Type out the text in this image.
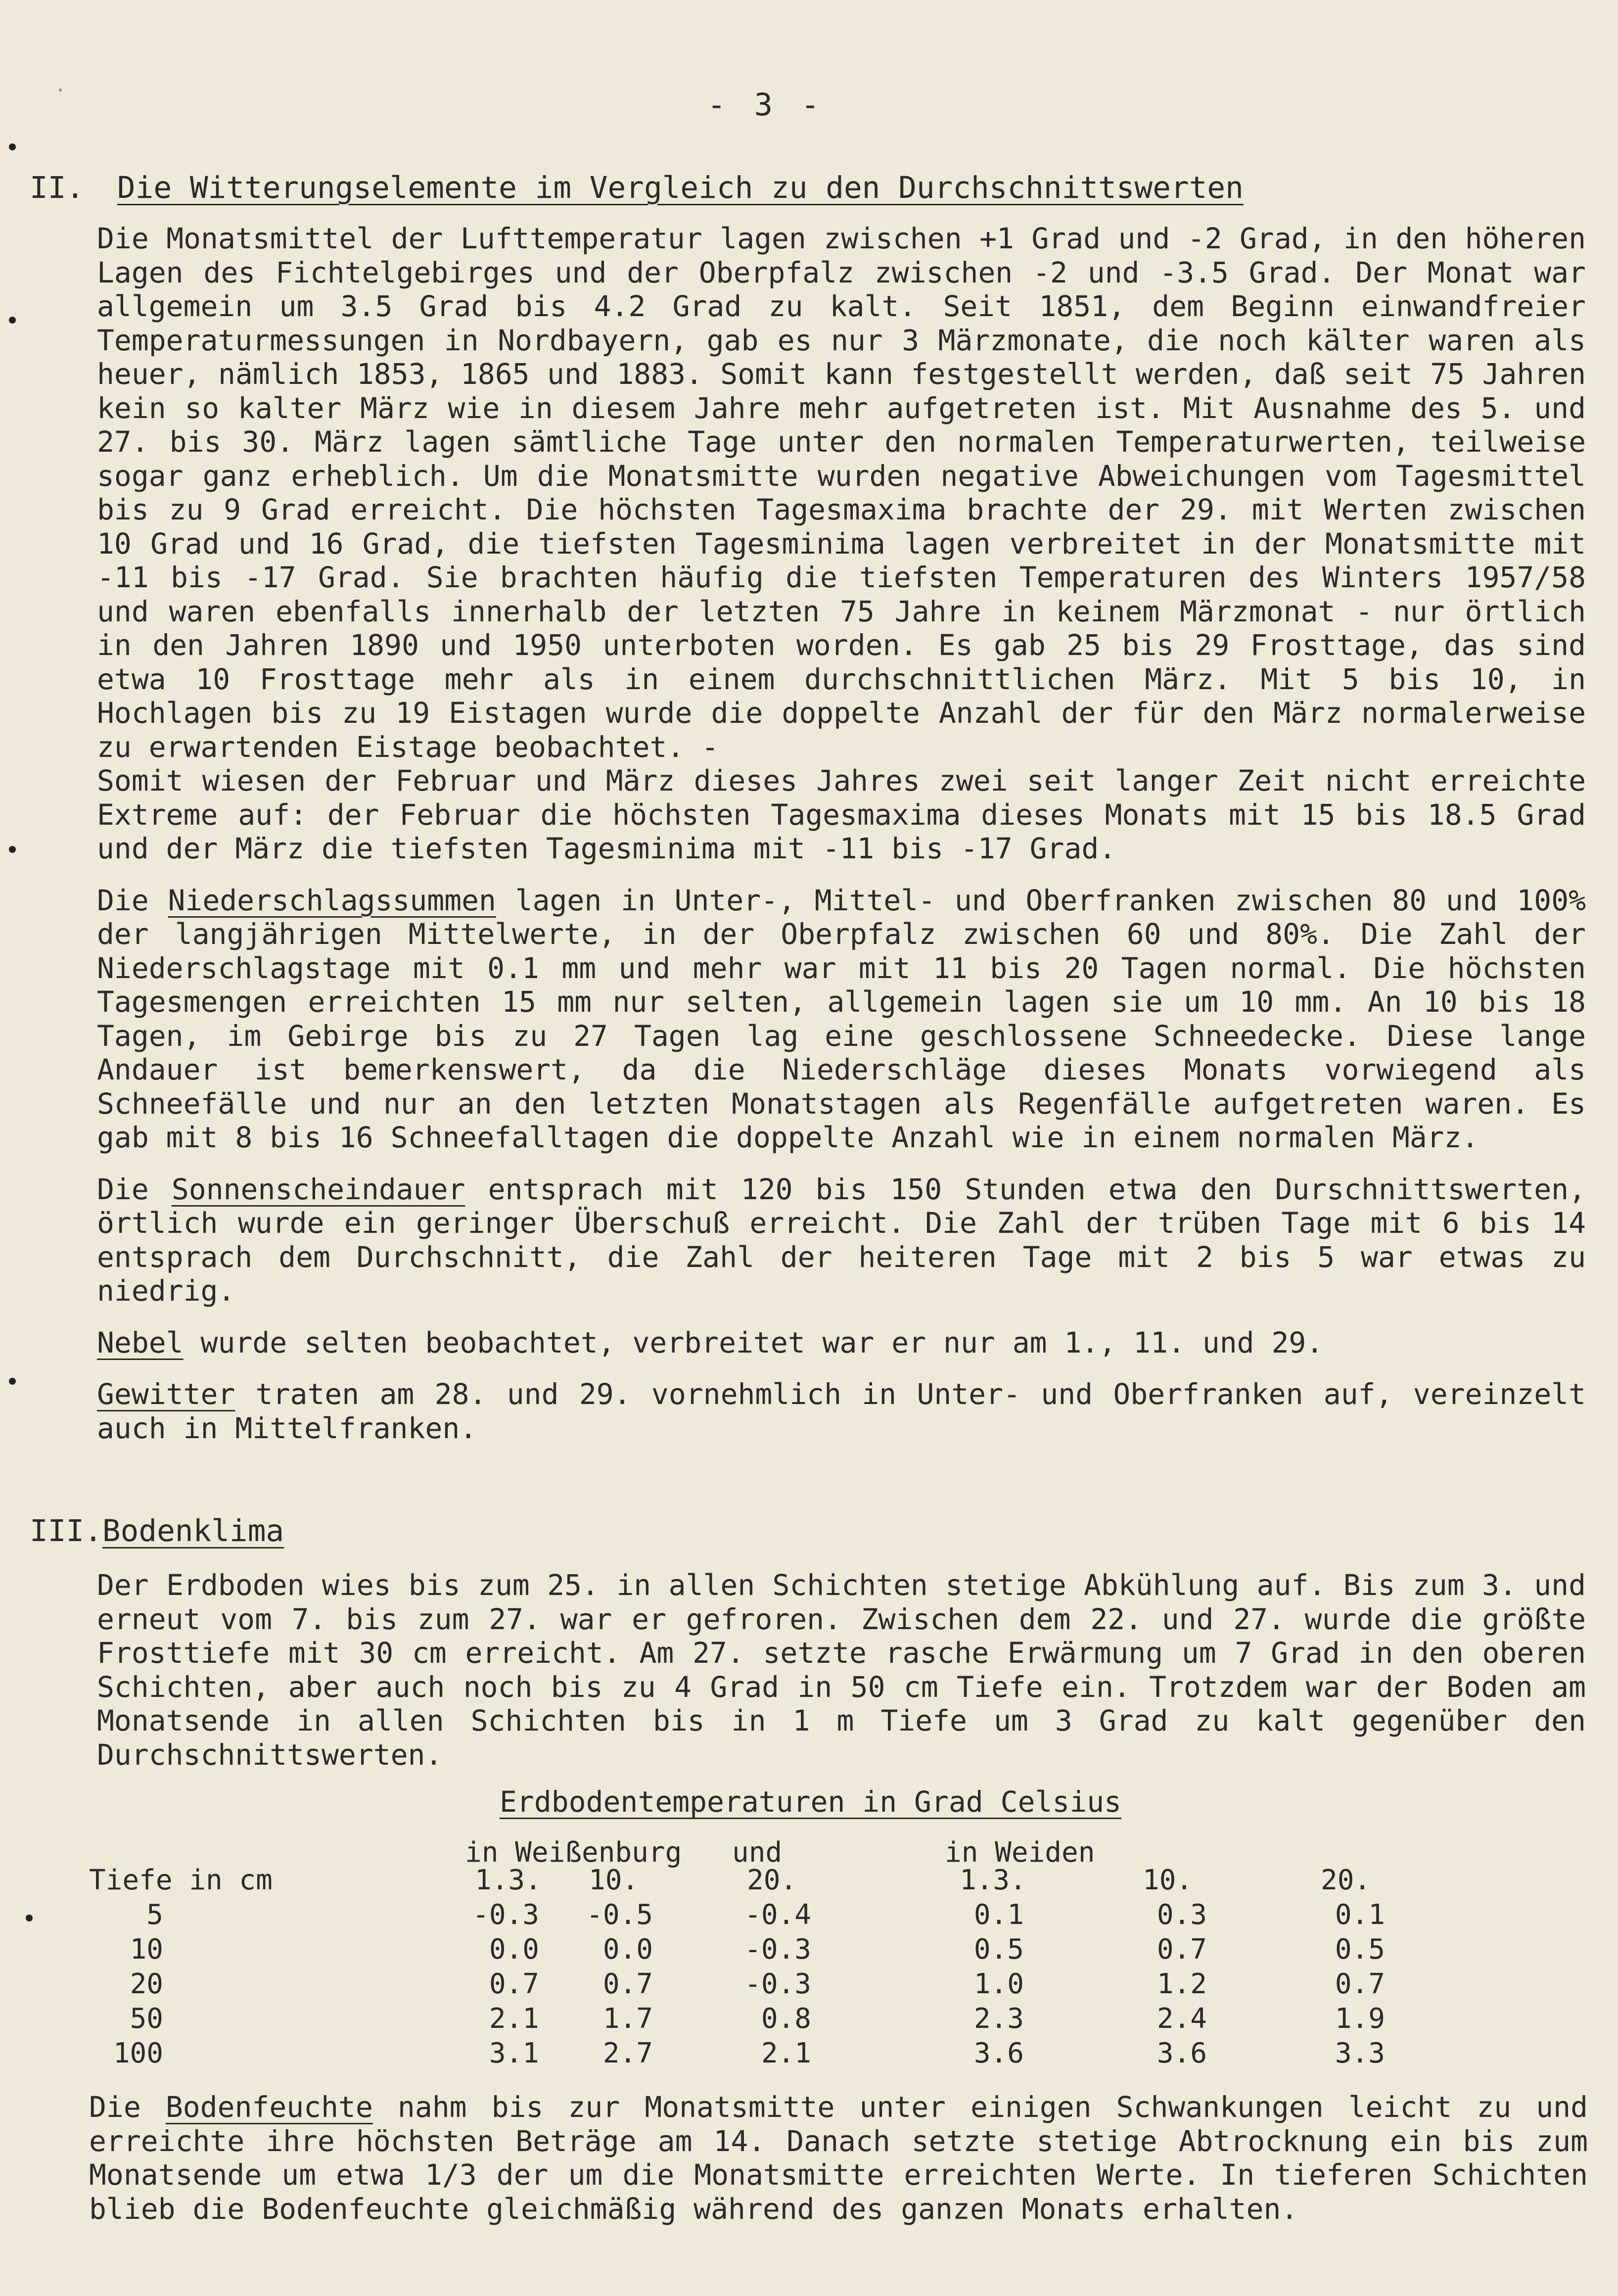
·	- 3 -
II. Die Witterungselemente im Vergleich zu den Durchschnittswerten

Die Monatsmittel der Lufttemperatur lagen zwischen +1 Grad und -2 Grad, in den höheren Lagen des Fichtelgebirges und der Oberpfalz zwischen -2 und -3.5 Grad. Der Monat war allgemein um 3.5 Grad bis 4.2 Grad zu kalt. Seit 1851, dem Beginn einwandfreier Temperaturmessungen in Nordbayern, gab es nur 3 Märzmonate, die noch kälter waren als heuer, nämlich 1853, 1865 und 1883. Somit kann festgestellt werden, daß seit 75 Jahren kein so kalter März wie in diesem Jahre mehr aufgetreten ist. Mit Ausnahme des 5. und 27. bis 30. März lagen sämtliche Tage unter den normalen Temperaturwerten, teilweise sogar ganz erheblich. Um die Monatsmitte wurden negative Abweichungen vom Tagesmittel bis zu 9 Grad erreicht. Die höchsten Tagesmaxima brachte der 29. mit Werten zwischen 10 Grad und 16 Grad, die tiefsten Tagesminima lagen verbreitet in der Monatsmitte mit -11 bis -17 Grad. Sie brachten häufig die tiefsten Temperaturen des Winters 1957/58 und waren ebenfalls innerhalb der letzten 75 Jahre in keinem Märzmonat - nur örtlich in den Jahren 1890 und 1950 unterboten worden. Es gab 25 bis 29 Frosttage, das sind etwa 10 Frosttage mehr als in einem durchschnittlichen März. Mit 5 bis 10, in Hochlagen bis zu 19 Eistagen wurde die doppelte Anzahl der für den März normalerweise zu erwartenden Eistage beobachtet. -

Somit wiesen der Februar und März dieses Jahres zwei seit langer Zeit nicht erreichte Extreme auf: der Februar die höchsten Tagesmaxima dieses Monats mit 15 bis 18.5 Grad und der März die tiefsten Tagesminima mit -11 bis -17 Grad.

Die Niederschlagssummen lagen in Unter-, Mittel- und Oberfranken zwischen 80 und 100% der langjährigen Mittelwerte, in der Oberpfalz zwischen 60 und 80%. Die Zahl der Niederschlagstage mit 0.1 mm und mehr war mit 11 bis 20 Tagen normal. Die höchsten Tagesmengen erreichten 15 mm nur selten, allgemein lagen sie um 10 mm. An 10 bis 18 Tagen, im Gebirge bis zu 27 Tagen lag eine geschlossene Schneedecke. Diese lange Andauer ist bemerkenswert, da die Niederschläge dieses Monats vorwiegend als Schneefälle und nur an den letzten Monatstagen als Regenfälle aufgetreten waren. Es gab mit 8 bis 16 Schneefalltagen die doppelte Anzahl wie in einem normalen März.

Die Sonnenscheindauer entsprach mit 120 bis 150 Stunden etwa den Durschnittswerten, örtlich wurde ein geringer Überschuß erreicht. Die Zahl der trüben Tage mit 6 bis 14 entsprach dem Durchschnitt, die Zahl der heiteren Tage mit 2 bis 5 war etwas zu niedrig.

Nebel wurde selten beobachtet, verbreitet war er nur am 1., 11. und 29.

Gewitter traten am 28. und 29. vornehmlich in Unter- und Oberfranken auf, vereinzelt auch in Mittelfranken.

III.Bodenklima

Der Erdboden wies bis zum 25. in allen Schichten stetige Abkühlung auf. Bis zum 3. und erneut vom 7. bis zum 27. war er gefroren. Zwischen dem 22. und 27. wurde die größte Frosttiefe mit 30 cm erreicht. Am 27. setzte rasche Erwärmung um 7 Grad in den oberen Schichten, aber auch noch bis zu 4 Grad in 50 cm Tiefe ein. Trotzdem war der Boden am Monatsende in allen Schichten bis in 1 m Tiefe um 3 Grad zu kalt gegenüber den Durchschnittswerten.

Erdbodentemperaturen in Grad Celsius
in Weißenburg und	in Weiden
Tiefe in cm	1.3. 10.	20.	1.3.	10.	20.
5	-0.3 -0.5	-0.4	0.1	0.3	0.1
10	0.0	0.0	-0.3	0.5	0.7	0.5
20	0.7	0.7	-0.3	1.0	1.2	0.7
50	2.1	1.7	0.8	2.3	2.4	1.9
100	3.1	2.7	2.1	3.6	3.6	3.3

Die Bodenfeuchte nahm bis zur Monatsmitte unter einigen Schwankungen leicht zu und erreichte ihre höchsten Beträge am 14. Danach setzte stetige Abtrocknung ein bis zum Monatsende um etwa 1/3 der um die Monatsmitte erreichten Werte. In tieferen Schichten blieb die Bodenfeuchte gleichmäßig während des ganzen Monats erhalten.
